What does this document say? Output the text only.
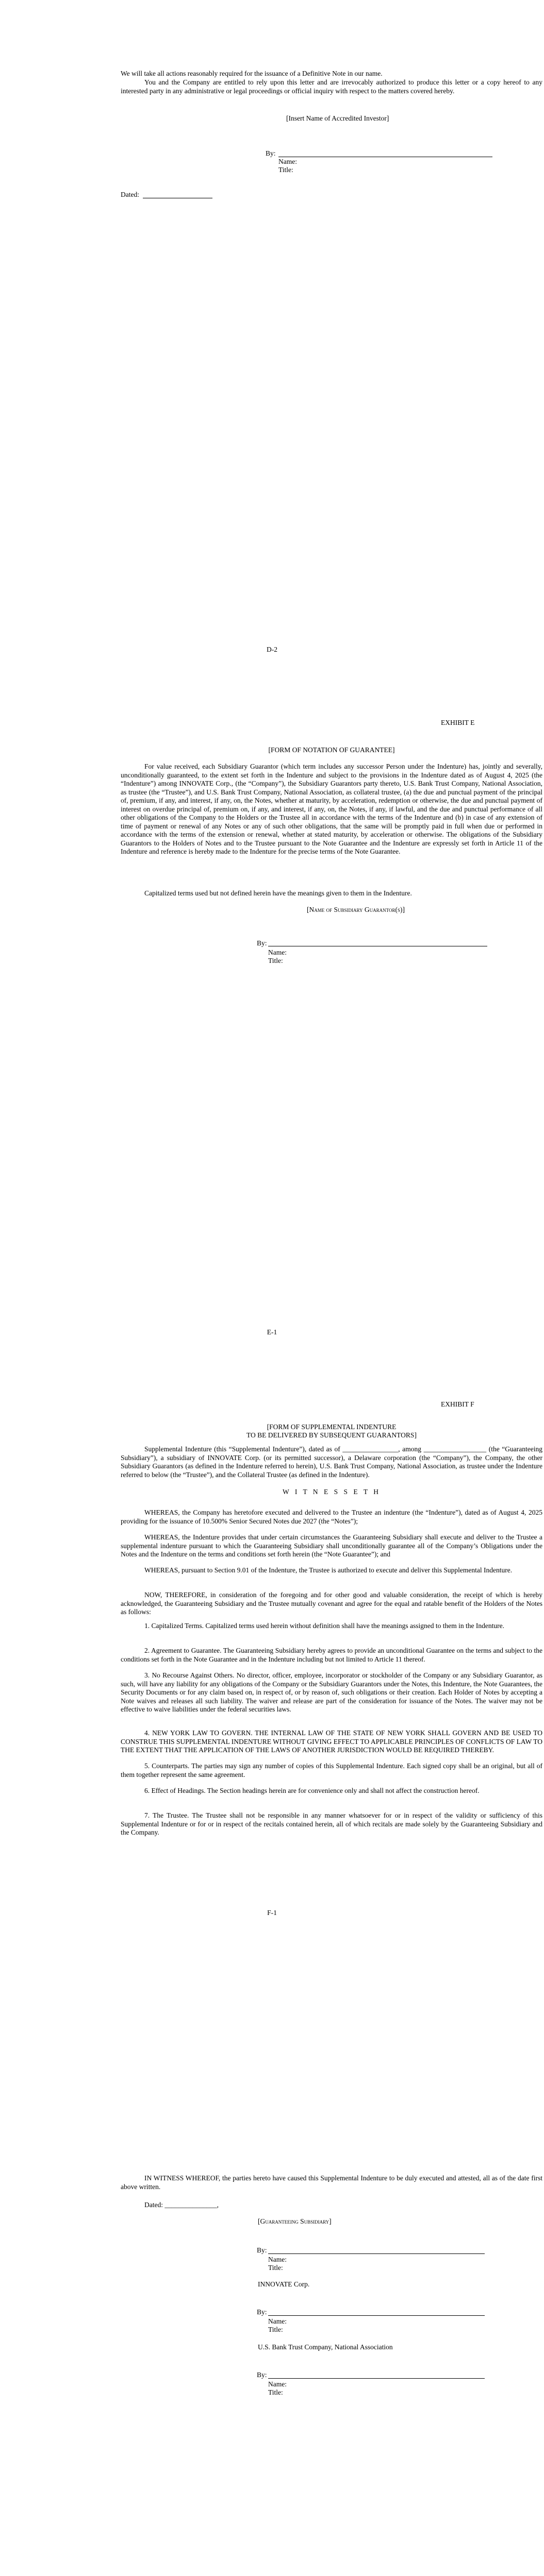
We will take all actions reasonably required for the issuance of a Definitive Note in our name.

You and the Company are entitled to rely upon this letter and are irrevocably authorized to produce this letter or a copy hereof to any interested party in any administrative or legal proceedings or official inquiry with respect to the matters covered hereby.

[Insert Name of Accredited Investor]

By:
Name:
Title:
Dated:
D-2
EXHIBIT E
[FORM OF NOTATION OF GUARANTEE]

For value received, each Subsidiary Guarantor (which term includes any successor Person under the Indenture) has, jointly and severally, unconditionally guaranteed, to the extent set forth in the Indenture and subject to the provisions in the Indenture dated as of August 4, 2025 (the “Indenture”) among INNOVATE Corp., (the “Company”), the Subsidiary Guarantors party thereto, U.S. Bank Trust Company, National Association, as trustee (the “Trustee”), and U.S. Bank Trust Company, National Association, as collateral trustee, (a) the due and punctual payment of the principal of, premium, if any, and interest, if any, on, the Notes, whether at maturity, by acceleration, redemption or otherwise, the due and punctual payment of interest on overdue principal of, premium on, if any, and interest, if any, on, the Notes, if any, if lawful, and the due and punctual performance of all other obligations of the Company to the Holders or the Trustee all in accordance with the terms of the Indenture and (b) in case of any extension of time of payment or renewal of any Notes or any of such other obligations, that the same will be promptly paid in full when due or performed in accordance with the terms of the extension or renewal, whether at stated maturity, by acceleration or otherwise. The obligations of the Subsidiary Guarantors to the Holders of Notes and to the Trustee pursuant to the Note Guarantee and the Indenture are expressly set forth in Article 11 of the Indenture and reference is hereby made to the Indenture for the precise terms of the Note Guarantee.

Capitalized terms used but not defined herein have the meanings given to them in the Indenture.

[Name of Subsidiary Guarantor(s)]

By:
Name:
Title:
E-1
EXHIBIT F
[FORM OF SUPPLEMENTAL INDENTURE
TO BE DELIVERED BY SUBSEQUENT GUARANTORS]

Supplemental Indenture (this “Supplemental Indenture”), dated as of ________________, among __________________ (the “Guaranteeing Subsidiary”), a subsidiary of INNOVATE Corp. (or its permitted successor), a Delaware corporation (the “Company”), the Company, the other Subsidiary Guarantors (as defined in the Indenture referred to herein), U.S. Bank Trust Company, National Association, as trustee under the Indenture referred to below (the “Trustee”), and the Collateral Trustee (as defined in the Indenture).

W I T N E S S E T H

WHEREAS, the Company has heretofore executed and delivered to the Trustee an indenture (the “Indenture”), dated as of August 4, 2025 providing for the issuance of 10.500% Senior Secured Notes due 2027 (the “Notes”);

WHEREAS, the Indenture provides that under certain circumstances the Guaranteeing Subsidiary shall execute and deliver to the Trustee a supplemental indenture pursuant to which the Guaranteeing Subsidiary shall unconditionally guarantee all of the Company’s Obligations under the Notes and the Indenture on the terms and conditions set forth herein (the “Note Guarantee”); and

WHEREAS, pursuant to Section 9.01 of the Indenture, the Trustee is authorized to execute and deliver this Supplemental Indenture.

NOW, THEREFORE, in consideration of the foregoing and for other good and valuable consideration, the receipt of which is hereby acknowledged, the Guaranteeing Subsidiary and the Trustee mutually covenant and agree for the equal and ratable benefit of the Holders of the Notes as follows:

1. Capitalized Terms. Capitalized terms used herein without definition shall have the meanings assigned to them in the Indenture.

2. Agreement to Guarantee. The Guaranteeing Subsidiary hereby agrees to provide an unconditional Guarantee on the terms and subject to the conditions set forth in the Note Guarantee and in the Indenture including but not limited to Article 11 thereof.

3. No Recourse Against Others. No director, officer, employee, incorporator or stockholder of the Company or any Subsidiary Guarantor, as such, will have any liability for any obligations of the Company or the Subsidiary Guarantors under the Notes, this Indenture, the Note Guarantees, the Security Documents or for any claim based on, in respect of, or by reason of, such obligations or their creation. Each Holder of Notes by accepting a Note waives and releases all such liability. The waiver and release are part of the consideration for issuance of the Notes. The waiver may not be effective to waive liabilities under the federal securities laws.

4. NEW YORK LAW TO GOVERN. THE INTERNAL LAW OF THE STATE OF NEW YORK SHALL GOVERN AND BE USED TO CONSTRUE THIS SUPPLEMENTAL INDENTURE WITHOUT GIVING EFFECT TO APPLICABLE PRINCIPLES OF CONFLICTS OF LAW TO THE EXTENT THAT THE APPLICATION OF THE LAWS OF ANOTHER JURISDICTION WOULD BE REQUIRED THEREBY.

5. Counterparts. The parties may sign any number of copies of this Supplemental Indenture. Each signed copy shall be an original, but all of them together represent the same agreement.

6. Effect of Headings. The Section headings herein are for convenience only and shall not affect the construction hereof.

7. The Trustee. The Trustee shall not be responsible in any manner whatsoever for or in respect of the validity or sufficiency of this Supplemental Indenture or for or in respect of the recitals contained herein, all of which recitals are made solely by the Guaranteeing Subsidiary and the Company.

F-1

IN WITNESS WHEREOF, the parties hereto have caused this Supplemental Indenture to be duly executed and attested, all as of the date first above written.

Dated: _______________,

[Guaranteeing Subsidiary]

By:
Name:
Title:

INNOVATE Corp.

By:
Name:
Title:

U.S. Bank Trust Company, National Association

By:
Name:
Title:
